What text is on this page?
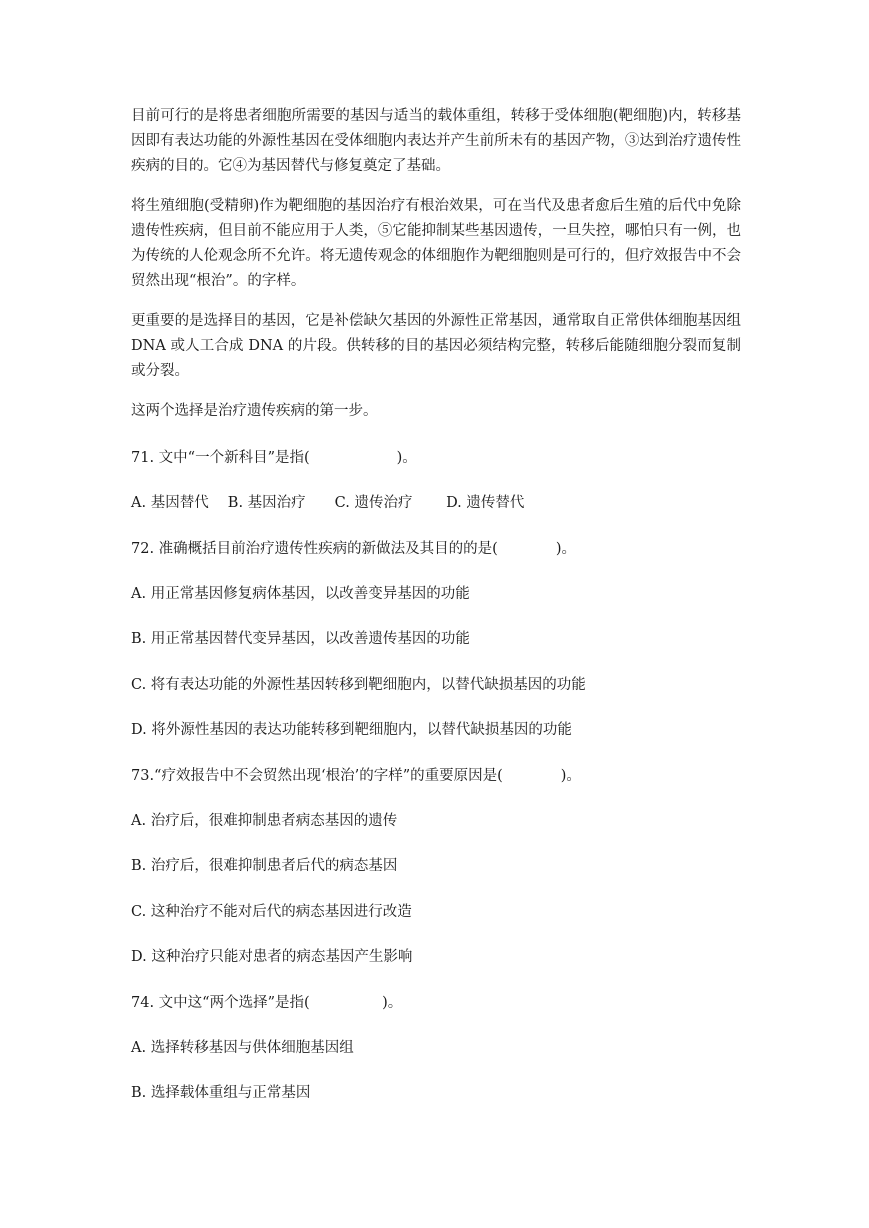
目前可行的是将患者细胞所需要的基因与适当的载体重组，转移于受体细胞(靶细胞)内，转移基因即有表达功能的外源性基因在受体细胞内表达并产生前所未有的基因产物，③达到治疗遗传性疾病的目的。它④为基因替代与修复奠定了基础。

将生殖细胞(受精卵)作为靶细胞的基因治疗有根治效果，可在当代及患者愈后生殖的后代中免除遗传性疾病，但目前不能应用于人类，⑤它能抑制某些基因遗传，一旦失控，哪怕只有一例，也为传统的人伦观念所不允许。将无遗传观念的体细胞作为靶细胞则是可行的，但疗效报告中不会贸然出现“根治”。的字样。

更重要的是选择目的基因，它是补偿缺欠基因的外源性正常基因，通常取自正常供体细胞基因组 DNA 或人工合成 DNA 的片段。供转移的目的基因必须结构完整，转移后能随细胞分裂而复制或分裂。

这两个选择是治疗遗传疾病的第一步。

71. 文中“一个新科目”是指(　　　　　　)。
A. 基因替代　 B. 基因治疗　　C. 遗传治疗　　 D. 遗传替代
72. 准确概括目前治疗遗传性疾病的新做法及其目的的是(　　　　)。
A. 用正常基因修复病体基因，以改善变异基因的功能
B. 用正常基因替代变异基因，以改善遗传基因的功能
C. 将有表达功能的外源性基因转移到靶细胞内，以替代缺损基因的功能
D. 将外源性基因的表达功能转移到靶细胞内，以替代缺损基因的功能
73.“疗效报告中不会贸然出现‘根治’的字样”的重要原因是(　　　　)。
A. 治疗后，很难抑制患者病态基因的遗传
B. 治疗后，很难抑制患者后代的病态基因
C. 这种治疗不能对后代的病态基因进行改造
D. 这种治疗只能对患者的病态基因产生影响
74. 文中这“两个选择”是指(　　　　　)。
A. 选择转移基因与供体细胞基因组
B. 选择载体重组与正常基因
